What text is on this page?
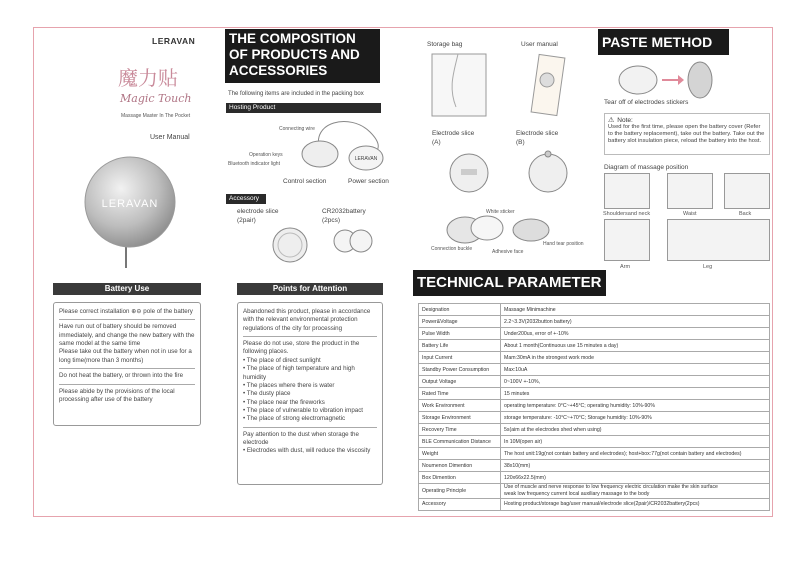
LERAVAN
魔力贴
Magic Touch
Massage Master In The Pocket
User Manual
LERAVAN
Battery Use
Please correct installation ⊕⊖ pole of the battery
Have run out of battery should be removed immediately, and change the new battery with the same model at the same time
Please take out the battery when not in use for a long time(more than 3 months)
Do not heat the battery, or thrown into the fire
Please abide by the provisions of the local processing after use of the battery
THE COMPOSITION
OF PRODUCTS AND
ACCESSORIES
The following items are included in the packing box
Hosting Product
LERAVAN
Connecting wire
Operation keys
Bluetooth indicator light
Control section	Power section
Accessory
electrode slice
(2pair)
CR2032battery
(2pcs)
Points for Attention
Abandoned this product, please in accordance with the relevant environmental protection regulations of the city for processing
Please do not use, store the product in the following places.
• The place of direct sunlight
• The place of high temperature and high humidity
• The places where there is water
• The dusty place
• The place near the fireworks
• The place of vulnerable to vibration impact
• The place of strong electromagnetic
Pay attention to the dust when storage the electrode
• Electrodes with dust, will reduce the viscosity
Storage bag	User manual
Electrode slice
(A)
Electrode slice
(B)
White sticker
Connection buckle	Adhesive face
Hand tear position
TECHNICAL PARAMETER
Designation	Massage Minimachine
Power&Voltage	2.2~3.3V(2032button battery)
Pulse Width	Under200us, error of +-10%
Battery Life	About 1 month(Continuous use 15 minutes a day)
Input Current	Mam:30mA in the strongest work mode
Standby Power Consumption	Max:10uA
Output Voltage	0~100V +-10%,
Rated Time	15 minutes
Work Environment	operating temperature: 0°C~+45°C; operating humidity: 10%-90%
Storage Environment	storage temperature: -10°C~+70°C; Storage humidity: 10%-90%
Recovery Time	5s(aim at the electrodes shed when using)
BLE Communication Distance	In 10M(open air)
Weight	The host unit:19g(not contain battery and electrodes); host+box:77g(not contain battery and electrodes)
Noumenon Dimention	38x10(mm)
Box Dimention	120x66x22.5(mm)
Operating Principle	Use of muscle and nerve response to low frequency electric circulation make the skin surface
weak low frequency current local auxiliary massage to the body
Accessory	Hosting product/storage bag/user manual/electrode slice(2pair)/CR2032battery(2pcs)
PASTE METHOD
Tear off of electrodes stickers
⚠ Note:
Used for the first time, please open the battery cover (Refer to the battery replacement), take out the battery. Take out the battery slot insulation piece, reload the battery into the host.
Diagram of massage position
Shouldersand neck	Waist	Back
Arm	Leg
